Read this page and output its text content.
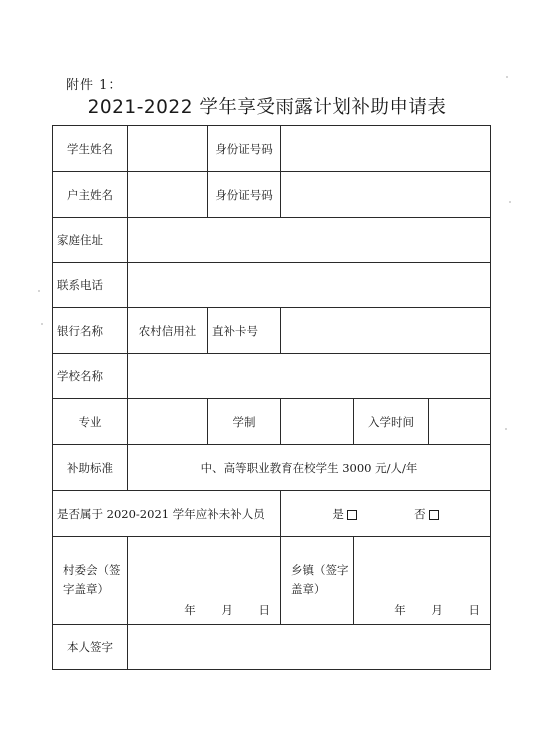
附件 1：
2021-2022 学年享受雨露计划补助申请表
学生姓名		身份证号码			
户主姓名		身份证号码			
家庭住址					
联系电话					
银行名称	农村信用社	直补卡号			
学校名称					
专业		学制		入学时间	
补助标准	中、高等职业教育在校学生 3000 元/人/年				
是否属于 2020-2021 学年应补未补人员			是 否		

村委会（签字盖章）	年 月 日		乡镇（签字盖章）	年 月 日	

本人签字					
